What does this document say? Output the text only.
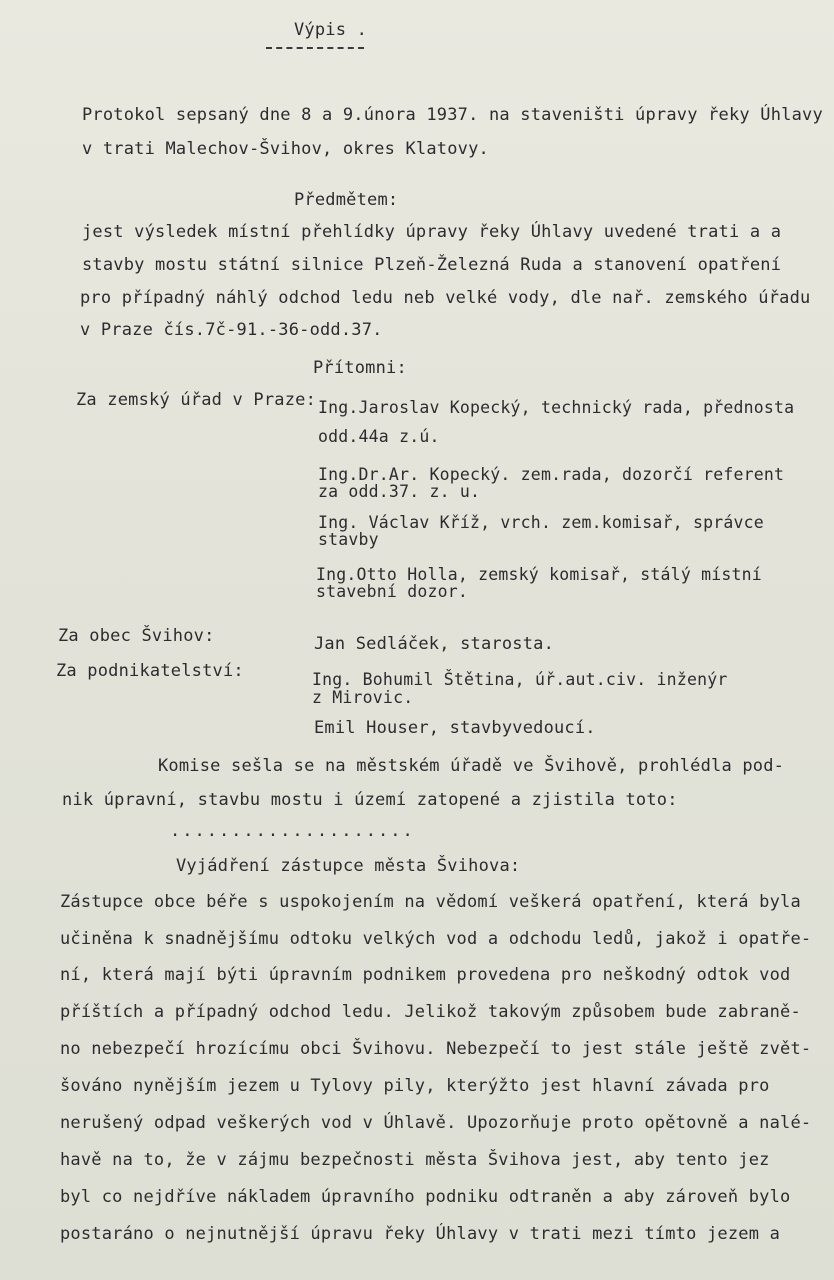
Výpis .
Protokol sepsaný dne 8 a 9.února 1937. na staveništi úpravy řeky Úhlavy
v trati Malechov-Švihov, okres Klatovy.
Předmětem:
jest výsledek místní přehlídky úpravy řeky Úhlavy uvedené trati a a
stavby mostu státní silnice Plzeň-Železná Ruda a stanovení opatření
pro případný náhlý odchod ledu neb velké vody, dle nař. zemského úřadu
v Praze čís.7č-91.-36-odd.37.
Přítomni:
Za zemský úřad v Praze: Ing.Jaroslav Kopecký, technický rada, přednosta
odd.44a z.ú.
Ing.Dr.Ar. Kopecký. zem.rada, dozorčí referent
za odd.37. z. u.
Ing. Václav Kříž, vrch. zem.komisař, správce
stavby
Ing.Otto Holla, zemský komisař, stálý místní
stavební dozor.
Za obec Švihov:	Jan Sedláček, starosta.
Za podnikatelství:	Ing. Bohumil Štětina, úř.aut.civ. inženýr
z Mirovic.
Emil Houser, stavbyvedoucí.
Komise sešla se na městském úřadě ve Švihově, prohlédla pod-
nik úpravní, stavbu mostu i území zatopené a zjistila toto:
....................
Vyjádření zástupce města Švihova:
Zástupce obce béře s uspokojením na vědomí veškerá opatření, která byla
učiněna k snadnějšímu odtoku velkých vod a odchodu ledů, jakož i opatře-
ní, která mají býti úpravním podnikem provedena pro neškodný odtok vod
příštích a případný odchod ledu. Jelikož takovým způsobem bude zabraně-
no nebezpečí hrozícímu obci Švihovu. Nebezpečí to jest stále ještě zvět-
šováno nynějším jezem u Tylovy pily, kterýžto jest hlavní závada pro
nerušený odpad veškerých vod v Úhlavě. Upozorňuje proto opětovně a nalé-
havě na to, že v zájmu bezpečnosti města Švihova jest, aby tento jez
byl co nejdříve nákladem úpravního podniku odtraněn a aby zároveň bylo
postaráno o nejnutnější úpravu řeky Úhlavy v trati mezi tímto jezem a
